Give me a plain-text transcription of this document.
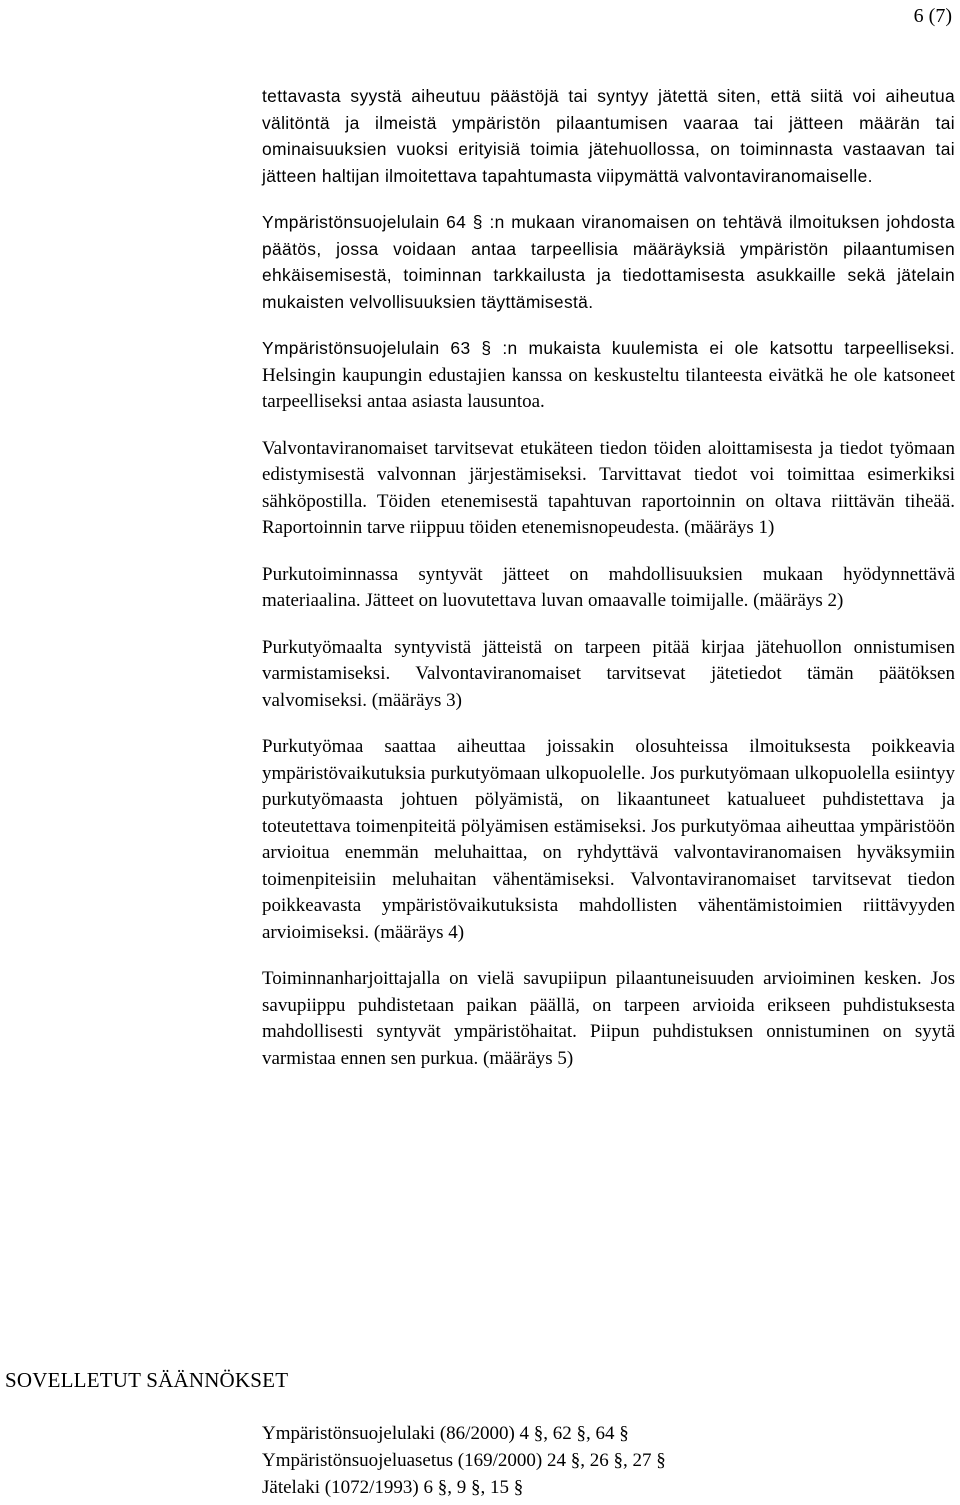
6 (7)

tettavasta syystä aiheutuu päästöjä tai syntyy jätettä siten, että siitä voi aiheutua välitöntä ja ilmeistä ympäristön pilaantumisen vaaraa tai jätteen määrän tai ominaisuuksien vuoksi erityisiä toimia jätehuollossa, on toiminnasta vastaavan tai jätteen haltijan ilmoitettava tapahtumasta viipymättä valvontaviranomaiselle.

Ympäristönsuojelulain 64 § :n mukaan viranomaisen on tehtävä ilmoituksen johdosta päätös, jossa voidaan antaa tarpeellisia määräyksiä ympäristön pilaantumisen ehkäisemisestä, toiminnan tarkkailusta ja tiedottamisesta asukkaille sekä jätelain mukaisten velvollisuuksien täyttämisestä.

Ympäristönsuojelulain 63 § :n mukaista kuulemista ei ole katsottu tarpeelliseksi. Helsingin kaupungin edustajien kanssa on keskusteltu tilanteesta eivätkä he ole katsoneet tarpeelliseksi antaa asiasta lausuntoa.

Valvontaviranomaiset tarvitsevat etukäteen tiedon töiden aloittamisesta ja tiedot työmaan edistymisestä valvonnan järjestämiseksi. Tarvittavat tiedot voi toimittaa esimerkiksi sähköpostilla. Töiden etenemisestä tapahtuvan raportoinnin on oltava riittävän tiheää. Raportoinnin tarve riippuu töiden etenemisnopeudesta. (määräys 1)

Purkutoiminnassa syntyvät jätteet on mahdollisuuksien mukaan hyödynnettävä materiaalina. Jätteet on luovutettava luvan omaavalle toimijalle. (määräys 2)

Purkutyömaalta syntyvistä jätteistä on tarpeen pitää kirjaa jätehuollon onnistumisen varmistamiseksi. Valvontaviranomaiset tarvitsevat jätetiedot tämän päätöksen valvomiseksi. (määräys 3)

Purkutyömaa saattaa aiheuttaa joissakin olosuhteissa ilmoituksesta poikkeavia ympäristövaikutuksia purkutyömaan ulkopuolelle. Jos purkutyömaan ulkopuolella esiintyy purkutyömaasta johtuen pölyämistä, on likaantuneet katualueet puhdistettava ja toteutettava toimenpiteitä pölyämisen estämiseksi. Jos purkutyömaa aiheuttaa ympäristöön arvioitua enemmän meluhaittaa, on ryhdyttävä valvontaviranomaisen hyväksymiin toimenpiteisiin meluhaitan vähentämiseksi. Valvontaviranomaiset tarvitsevat tiedon poikkeavasta ympäristövaikutuksista mahdollisten vähentämistoimien riittävyyden arvioimiseksi. (määräys 4)

Toiminnanharjoittajalla on vielä savupiipun pilaantuneisuuden arvioiminen kesken. Jos savupiippu puhdistetaan paikan päällä, on tarpeen arvioida erikseen puhdistuksesta mahdollisesti syntyvät ympäristöhaitat. Piipun puhdistuksen onnistuminen on syytä varmistaa ennen sen purkua. (määräys 5)

SOVELLETUT SÄÄNNÖKSET
Ympäristönsuojelulaki (86/2000) 4 §, 62 §, 64 §
Ympäristönsuojeluasetus (169/2000) 24 §, 26 §, 27 §
Jätelaki (1072/1993) 6 §, 9 §, 15 §
